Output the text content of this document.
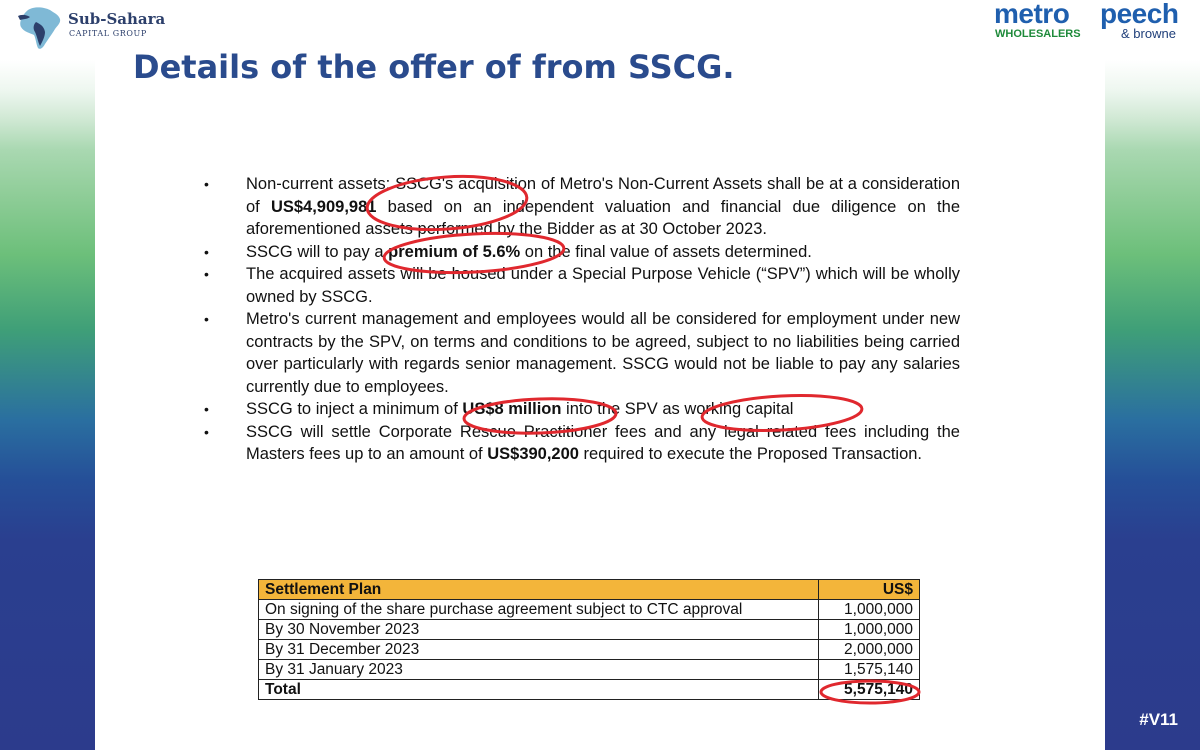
Sub-Sahara
CAPITAL GROUP
metro
WHOLESALERS
peech
& browne
Details of the offer of from SSCG.
• Non-current assets: SSCG's acquisition of Metro's Non-Current Assets shall be at a consideration of US$4,909,981 based on an independent valuation and financial due diligence on the aforementioned assets performed by the Bidder as at 30 October 2023.
• SSCG will to pay a premium of 5.6% on the final value of assets determined.
• The acquired assets will be housed under a Special Purpose Vehicle (“SPV”) which will be wholly owned by SSCG.
• Metro's current management and employees would all be considered for employment under new contracts by the SPV, on terms and conditions to be agreed, subject to no liabilities being carried over particularly with regards senior management. SSCG would not be liable to pay any salaries currently due to employees.
• SSCG to inject a minimum of US$8 million into the SPV as working capital
• SSCG will settle Corporate Rescue Practitioner fees and any legal related fees including the Masters fees up to an amount of US$390,200 required to execute the Proposed Transaction.
Settlement Plan	US$
On signing of the share purchase agreement subject to CTC approval	1,000,000
By 30 November 2023	1,000,000
By 31 December 2023	2,000,000
By 31 January 2023	1,575,140
Total	5,575,140
#V11
